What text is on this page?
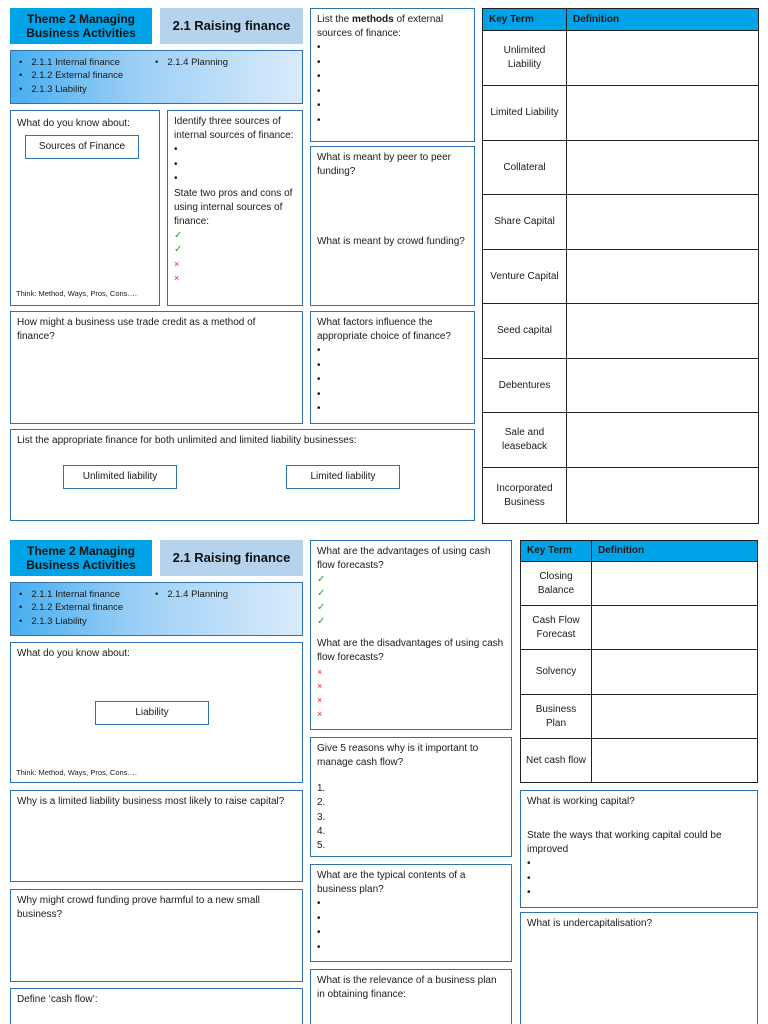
Theme 2 Managing Business Activities
2.1 Raising finance
• 2.1.1 Internal finance
• 2.1.2 External finance
• 2.1.3 Liability
• 2.1.4 Planning
What do you know about:
Sources of Finance
Think: Method, Ways, Pros, Cons….
Identify three sources of internal sources of finance:
•
•
•
State two pros and cons of using internal sources of finance:
✓
✓
×
×
List the methods of external sources of finance:
•
•
•
•
•
•
What is meant by peer to peer funding?
What is meant by crowd funding?
How might a business use trade credit as a method of finance?
What factors influence the appropriate choice of finance?
•
•
•
•
•
List the appropriate finance for both unlimited and limited liability businesses:
Unlimited liability	Limited liability
Key Term	Definition
Unlimited Liability	
Limited Liability	
Collateral	
Share Capital	
Venture Capital	
Seed capital	
Debentures	
Sale and leaseback	
Incorporated Business	
Theme 2 Managing Business Activities
2.1 Raising finance
• 2.1.1 Internal finance
• 2.1.2 External finance
• 2.1.3 Liability
• 2.1.4 Planning
What do you know about:
Liability
Think: Method, Ways, Pros, Cons….
Why is a limited liability business most likely to raise capital?
Why might crowd funding prove harmful to a new small business?
Define ‘cash flow’:
What are the advantages of using cash flow forecasts?
✓
✓
✓
✓
What are the disadvantages of using cash flow forecasts?
×
×
×
×
Give 5 reasons why is it important to manage cash flow?
1.
2.
3.
4.
5.
What are the typical contents of a business plan?
•
•
•
•
What is the relevance of a business plan in obtaining finance:
Key Term	Definition
Closing Balance	
Cash Flow Forecast	
Solvency	
Business Plan	
Net cash flow	
What is working capital?
State the ways that working capital could be improved
•
•
•
What is undercapitalisation?
